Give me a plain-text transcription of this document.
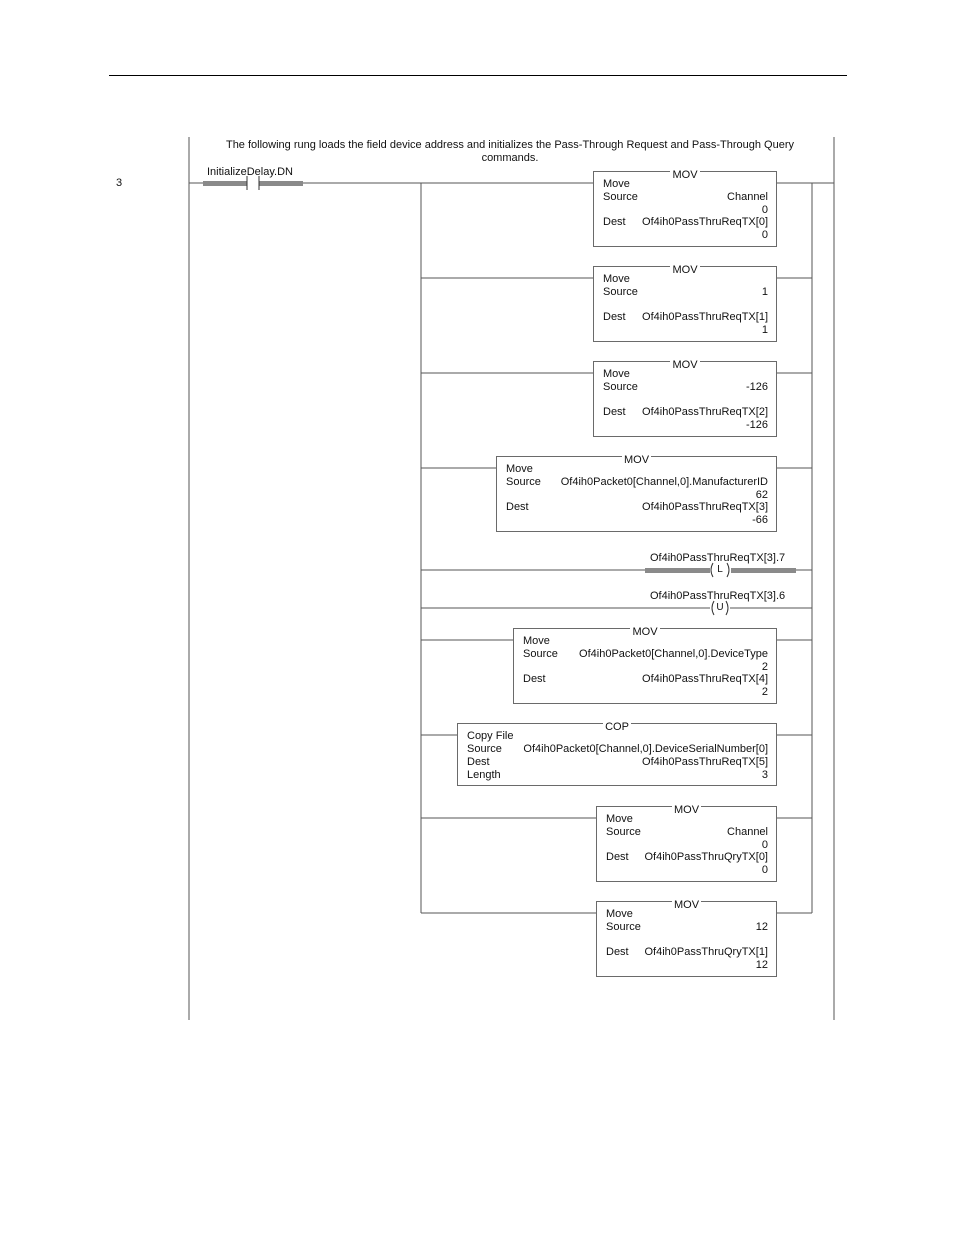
The following rung loads the field device address and initializes the Pass-Through Request and Pass-Through Query commands.
3
InitializeDelay.DN	MOV
Move
Source	Channel
0
Dest Of4ih0PassThruReqTX[0]
0
MOV
Move
Source	1
Dest Of4ih0PassThruReqTX[1]
1
MOV
Move
Source	-126
Dest Of4ih0PassThruReqTX[2]
-126
MOV
Move
Source Of4ih0Packet0[Channel,0].ManufacturerID
62
Dest	Of4ih0PassThruReqTX[3]
-66
Of4ih0PassThruReqTX[3].7
L
Of4ih0PassThruReqTX[3].6
U
MOV
Move
Source Of4ih0Packet0[Channel,0].DeviceType
2
Dest	Of4ih0PassThruReqTX[4]
2
COP
Copy File
Source Of4ih0Packet0[Channel,0].DeviceSerialNumber[0]
Dest	Of4ih0PassThruReqTX[5]
Length	3
MOV
Move
Source	Channel
0
Dest Of4ih0PassThruQryTX[0]
0
MOV
Move
Source	12
Dest Of4ih0PassThruQryTX[1]
12
